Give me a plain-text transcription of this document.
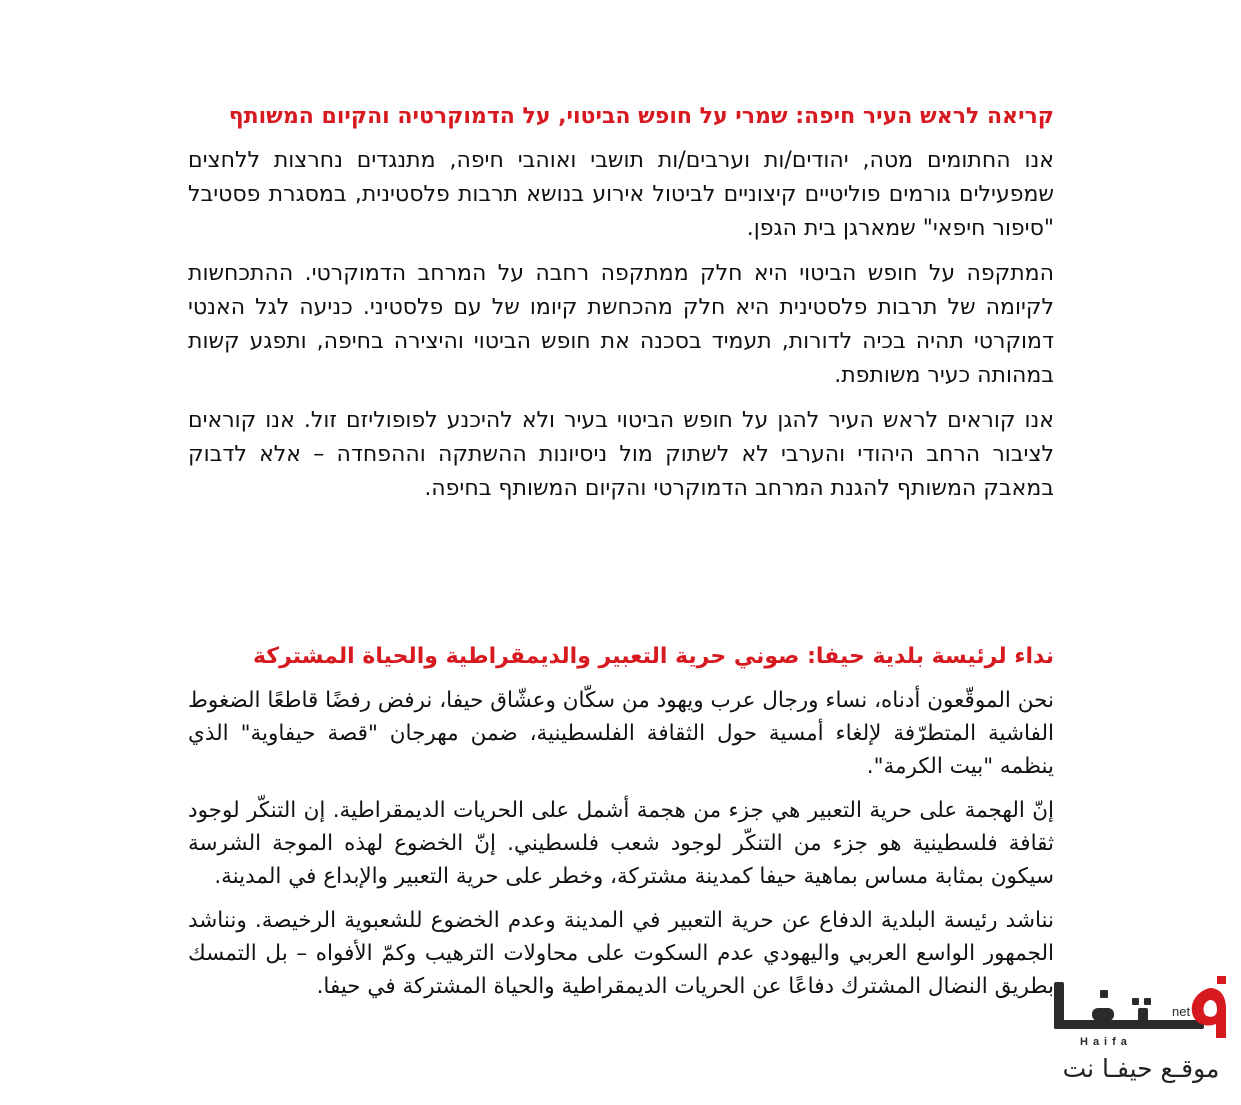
קריאה לראש העיר חיפה: שמרי על חופש הביטוי, על הדמוקרטיה והקיום המשותף

אנו החתומים מטה, יהודים/ות וערבים/ות תושבי ואוהבי חיפה, מתנגדים נחרצות ללחצים שמפעילים גורמים פוליטיים קיצוניים לביטול אירוע בנושא תרבות פלסטינית, במסגרת פסטיבל "סיפור חיפאי" שמארגן בית הגפן.

המתקפה על חופש הביטוי היא חלק ממתקפה רחבה על המרחב הדמוקרטי. ההתכחשות לקיומה של תרבות פלסטינית היא חלק מהכחשת קיומו של עם פלסטיני. כניעה לגל האנטי דמוקרטי תהיה בכיה לדורות, תעמיד בסכנה את חופש הביטוי והיצירה בחיפה, ותפגע קשות במהותה כעיר משותפת.

אנו קוראים לראש העיר להגן על חופש הביטוי בעיר ולא להיכנע לפופוליזם זול. אנו קוראים לציבור הרחב היהודי והערבי לא לשתוק מול ניסיונות ההשתקה וההפחדה – אלא לדבוק במאבק המשותף להגנת המרחב הדמוקרטי והקיום המשותף בחיפה.

نداء لرئيسة بلدية حيفا: صوني حرية التعبير والديمقراطية والحياة المشتركة

نحن الموقّعون أدناه، نساء ورجال عرب ويهود من سكّان وعشّاق حيفا، نرفض رفضًا قاطعًا الضغوط الفاشية المتطرّفة لإلغاء أمسية حول الثقافة الفلسطينية، ضمن مهرجان "قصة حيفاوية" الذي ينظمه "بيت الكرمة".

إنّ الهجمة على حرية التعبير هي جزء من هجمة أشمل على الحريات الديمقراطية. إن التنكّر لوجود ثقافة فلسطينية هو جزء من التنكّر لوجود شعب فلسطيني. إنّ الخضوع لهذه الموجة الشرسة سيكون بمثابة مساس بماهية حيفا كمدينة مشتركة، وخطر على حرية التعبير والإبداع في المدينة.

نناشد رئيسة البلدية الدفاع عن حرية التعبير في المدينة وعدم الخضوع للشعبوية الرخيصة. ونناشد الجمهور الواسع العربي واليهودي عدم السكوت على محاولات الترهيب وكمّ الأفواه – بل التمسك بطريق النضال المشترك دفاعًا عن الحريات الديمقراطية والحياة المشتركة في حيفا.

net
Haifa
موقـع حيفـا نت
